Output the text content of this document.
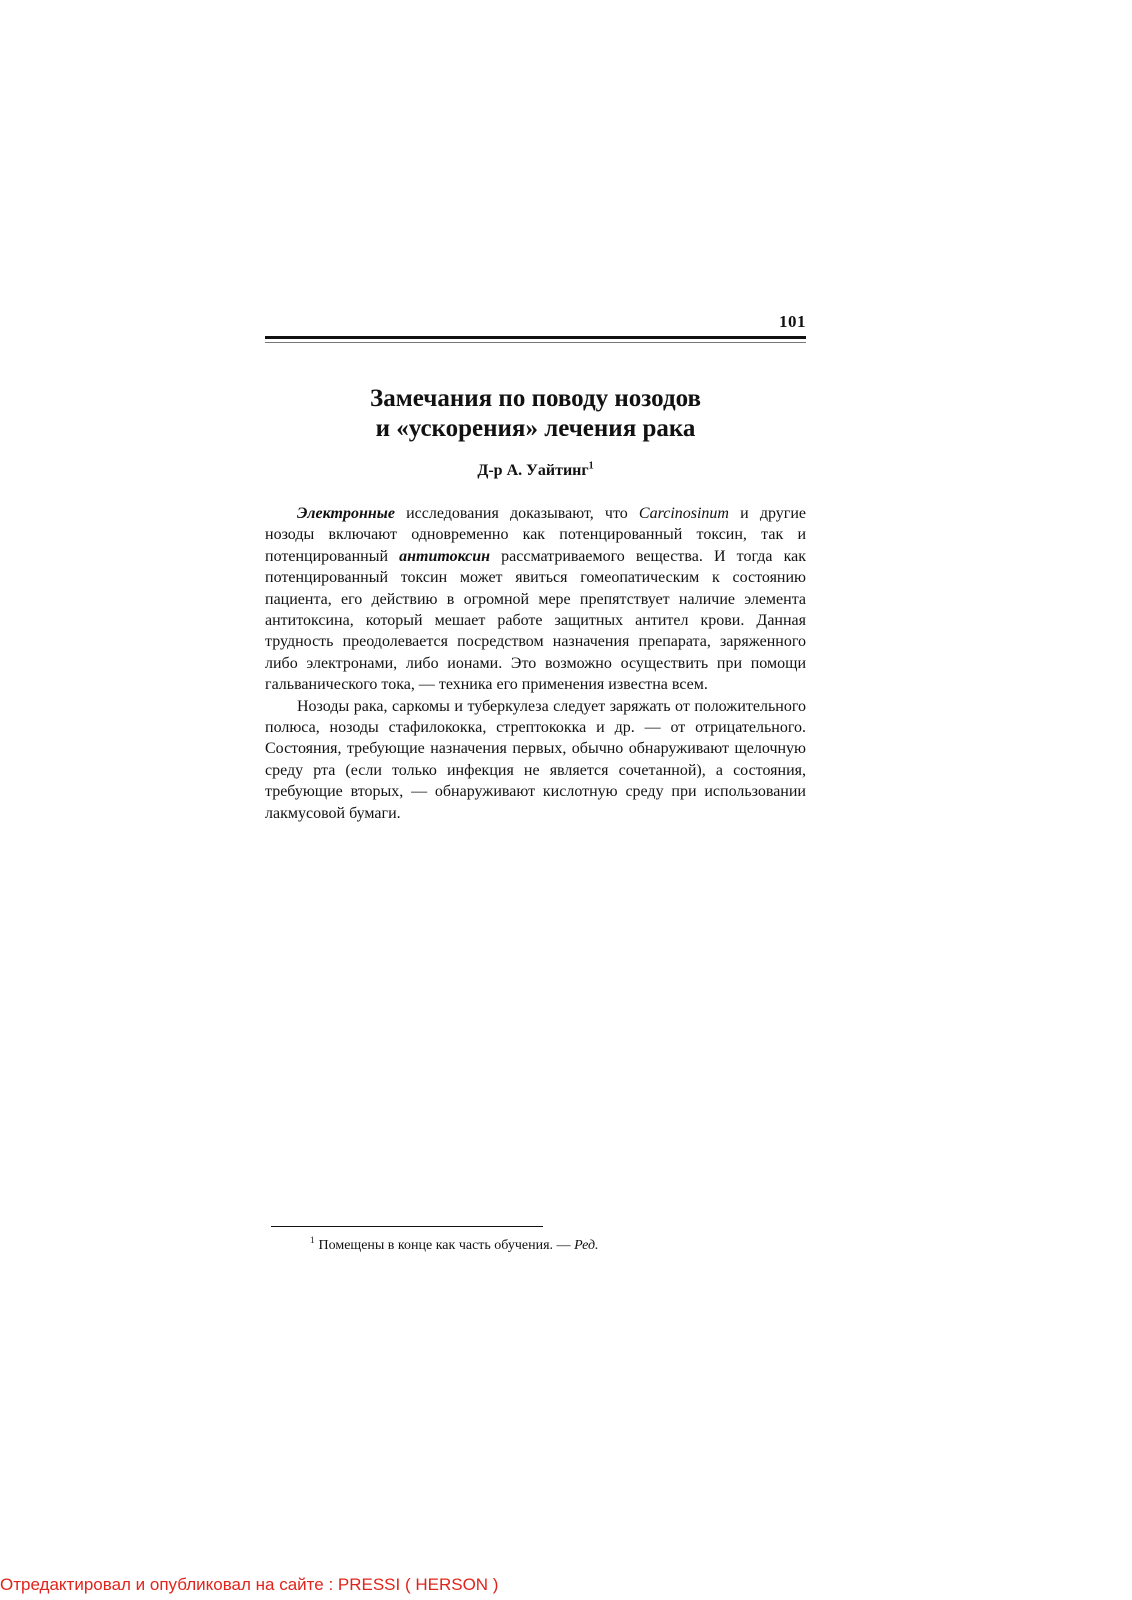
101

Замечания по поводу нозодов

и «ускорения» лечения рака

Д-р А. Уайтинг$^1$

Электронные исследования доказывают, что Carcinosinum и другие нозоды включают одновременно как потенцированный токсин, так и потенцированный антитоксин рассматриваемого вещества. И тогда как потенцированный токсин может явиться гомеопатическим к состоянию пациента, его действию в огромной мере препятствует наличие элемента антитоксина, который мешает работе защитных антител крови. Данная трудность преодолевается посредством назначения препарата, заряженного либо электронами, либо ионами. Это возможно осуществить при помощи гальванического тока, — техника его применения известна всем.

Нозоды рака, саркомы и туберкулеза следует заряжать от положительного полюса, нозоды стафилококка, стрептококка и др. — от отрицательного. Состояния, требующие назначения первых, обычно обнаруживают щелочную среду рта (если только инфекция не является сочетанной), а состояния, требующие вторых, — обнаруживают кислотную среду при использовании лакмусовой бумаги.

$^1$ Помещены в конце как часть обучения. — Ред.
Отредактировал и опубликовал на сайте : PRESSI ( HERSON )
